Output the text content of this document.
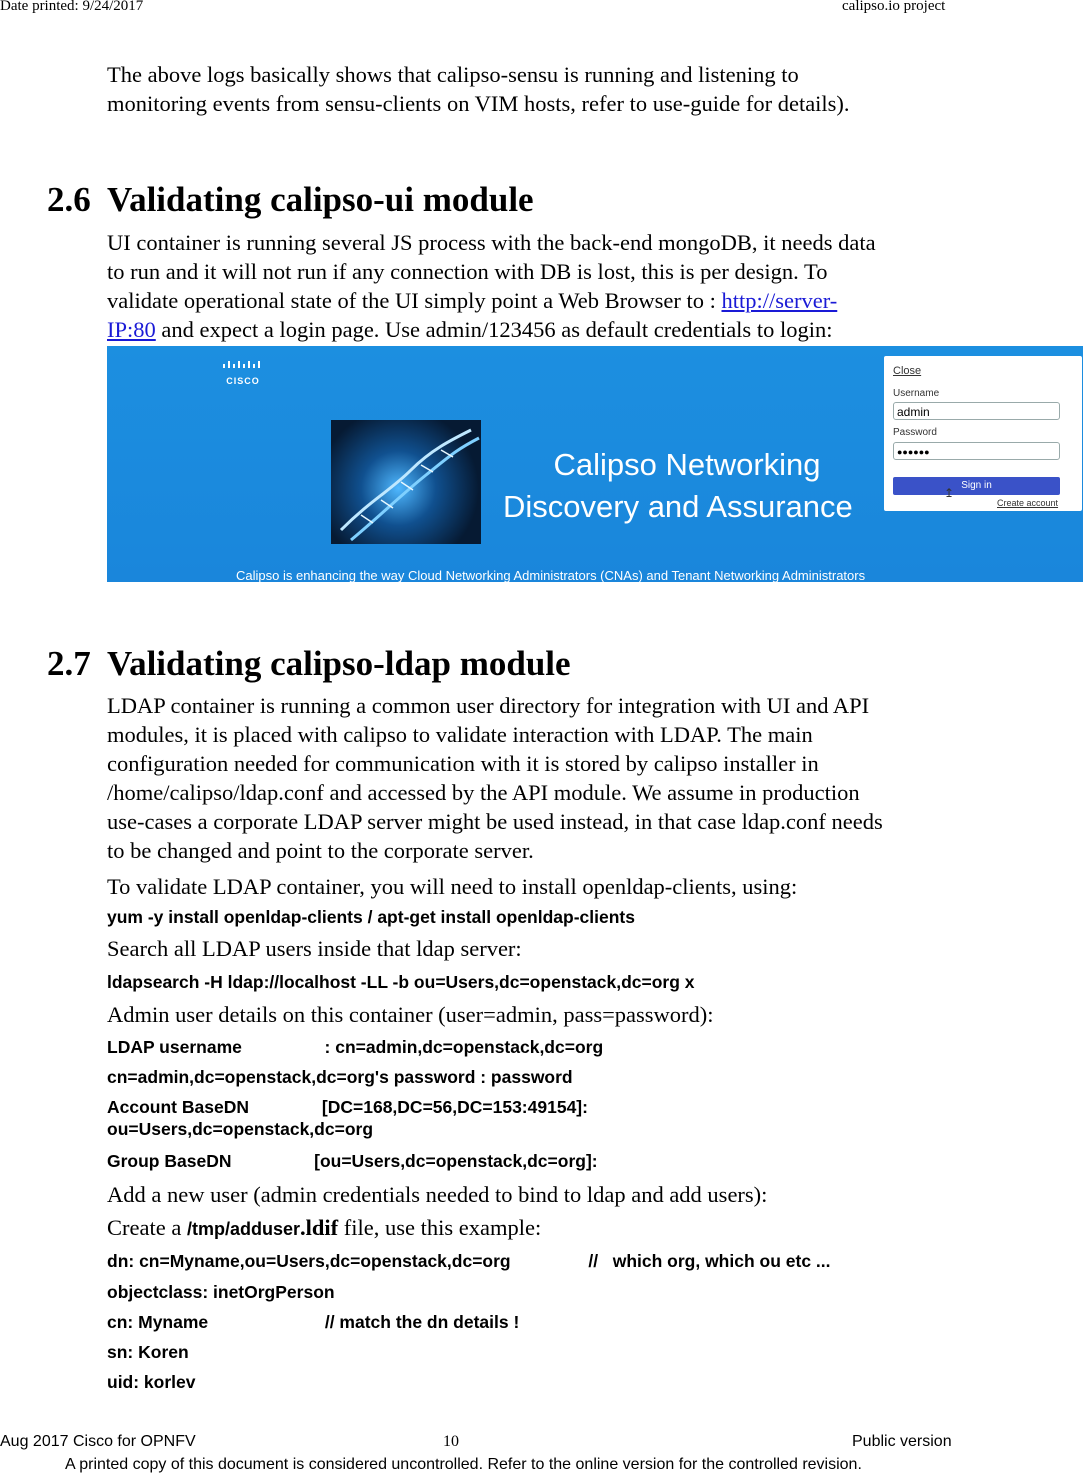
Date printed: 9/24/2017	calipso.io project
The above logs basically shows that calipso-sensu is running and listening to
monitoring events from sensu-clients on VIM hosts, refer to use-guide for details).
2.6 Validating calipso-ui module
UI container is running several JS process with the back-end mongoDB, it needs data
to run and it will not run if any connection with DB is lost, this is per design. To
validate operational state of the UI simply point a Web Browser to : http://server-
IP:80 and expect a login page. Use admin/123456 as default credentials to login:
CISCO
Calipso Networking
Discovery and Assurance
Calipso is enhancing the way Cloud Networking Administrators (CNAs) and Tenant Networking Administrators
Close
Username
admin
Password
●●●●●●
Sign in
↥
Create account
2.7 Validating calipso-ldap module
LDAP container is running a common user directory for integration with UI and API
modules, it is placed with calipso to validate interaction with LDAP. The main
configuration needed for communication with it is stored by calipso installer in
/home/calipso/ldap.conf and accessed by the API module. We assume in production
use-cases a corporate LDAP server might be used instead, in that case ldap.conf needs
to be changed and point to the corporate server.
To validate LDAP container, you will need to install openldap-clients, using:
yum -y install openldap-clients / apt-get install openldap-clients
Search all LDAP users inside that ldap server:
ldapsearch -H ldap://localhost -LL -b ou=Users,dc=openstack,dc=org x
Admin user details on this container (user=admin, pass=password):
LDAP username                 : cn=admin,dc=openstack,dc=org
cn=admin,dc=openstack,dc=org's password : password
Account BaseDN               [DC=168,DC=56,DC=153:49154]:
ou=Users,dc=openstack,dc=org
Group BaseDN                 [ou=Users,dc=openstack,dc=org]:
Add a new user (admin credentials needed to bind to ldap and add users):
Create a /tmp/adduser.ldif file, use this example:
dn: cn=Myname,ou=Users,dc=openstack,dc=org                //   which org, which ou etc ...
objectclass: inetOrgPerson
cn: Myname                        // match the dn details !
sn: Koren
uid: korlev
Aug 2017 Cisco for OPNFV	10	Public version
A printed copy of this document is considered uncontrolled. Refer to the online version for the controlled revision.
